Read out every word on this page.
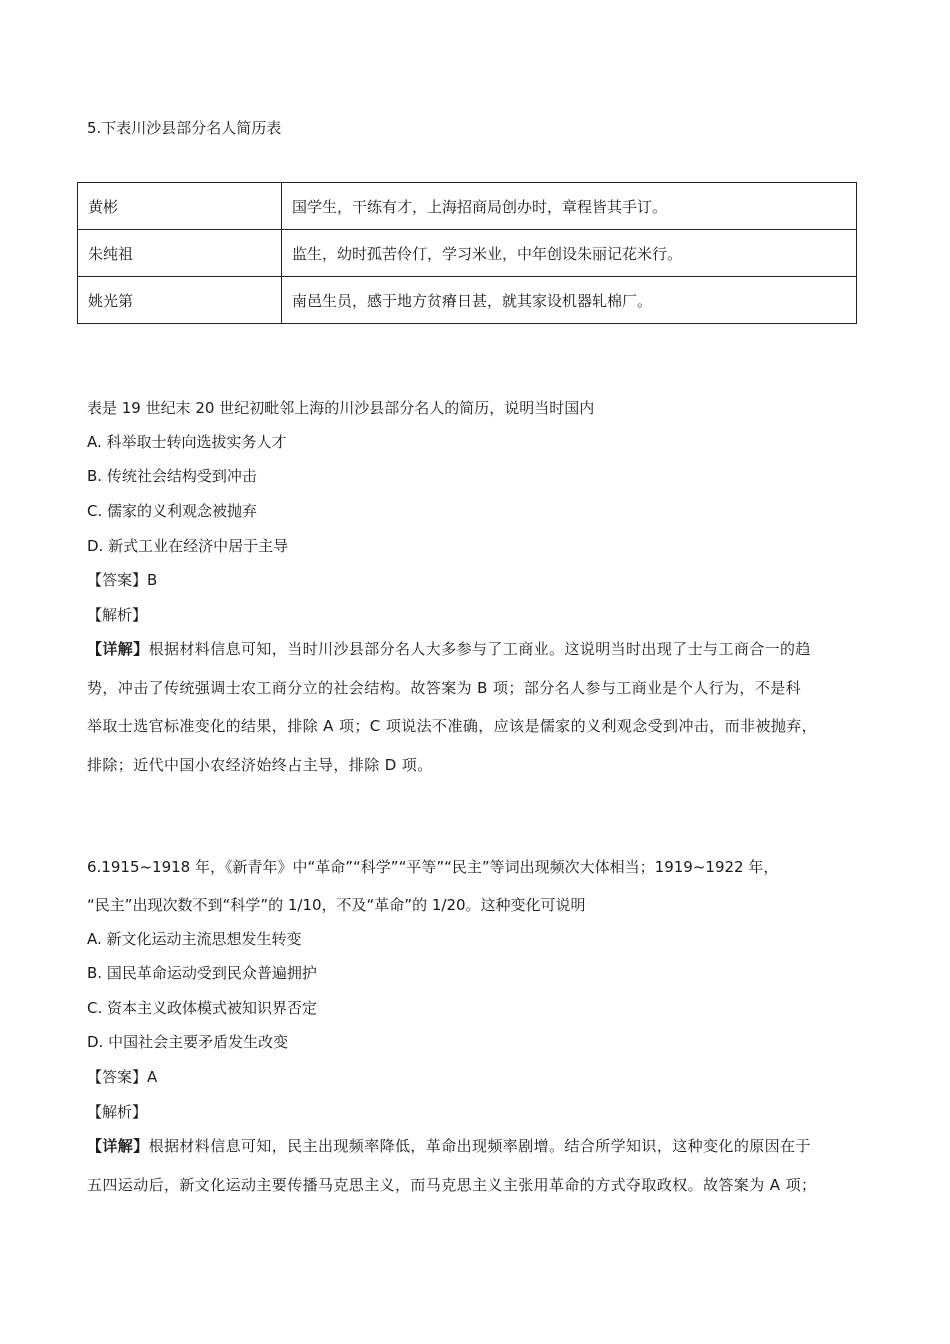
5.下表川沙县部分名人简历表
黄彬	国学生，干练有才，上海招商局创办时，章程皆其手订。
朱纯祖	监生，幼时孤苦伶仃，学习米业，中年创设朱丽记花米行。
姚光第	南邑生员，感于地方贫瘠日甚，就其家设机器轧棉厂。
表是 19 世纪末 20 世纪初毗邻上海的川沙县部分名人的简历，说明当时国内
A. 科举取士转向选拔实务人才
B. 传统社会结构受到冲击
C. 儒家的义利观念被抛弃
D. 新式工业在经济中居于主导
【答案】B
【解析】
【详解】根据材料信息可知，当时川沙县部分名人大多参与了工商业。这说明当时出现了士与工商合一的趋
势，冲击了传统强调士农工商分立的社会结构。故答案为 B 项；部分名人参与工商业是个人行为，不是科
举取士选官标准变化的结果，排除 A 项；C 项说法不准确，应该是儒家的义利观念受到冲击，而非被抛弃，
排除；近代中国小农经济始终占主导，排除 D 项。
6.1915~1918 年，《新青年》中“革命”“科学”“平等”“民主”等词出现频次大体相当；1919~1922 年，
“民主”出现次数不到“科学”的 1/10，不及“革命”的 1/20。这种变化可说明
A. 新文化运动主流思想发生转变
B. 国民革命运动受到民众普遍拥护
C. 资本主义政体模式被知识界否定
D. 中国社会主要矛盾发生改变
【答案】A
【解析】
【详解】根据材料信息可知，民主出现频率降低，革命出现频率剧增。结合所学知识，这种变化的原因在于
五四运动后，新文化运动主要传播马克思主义，而马克思主义主张用革命的方式夺取政权。故答案为 A 项；
